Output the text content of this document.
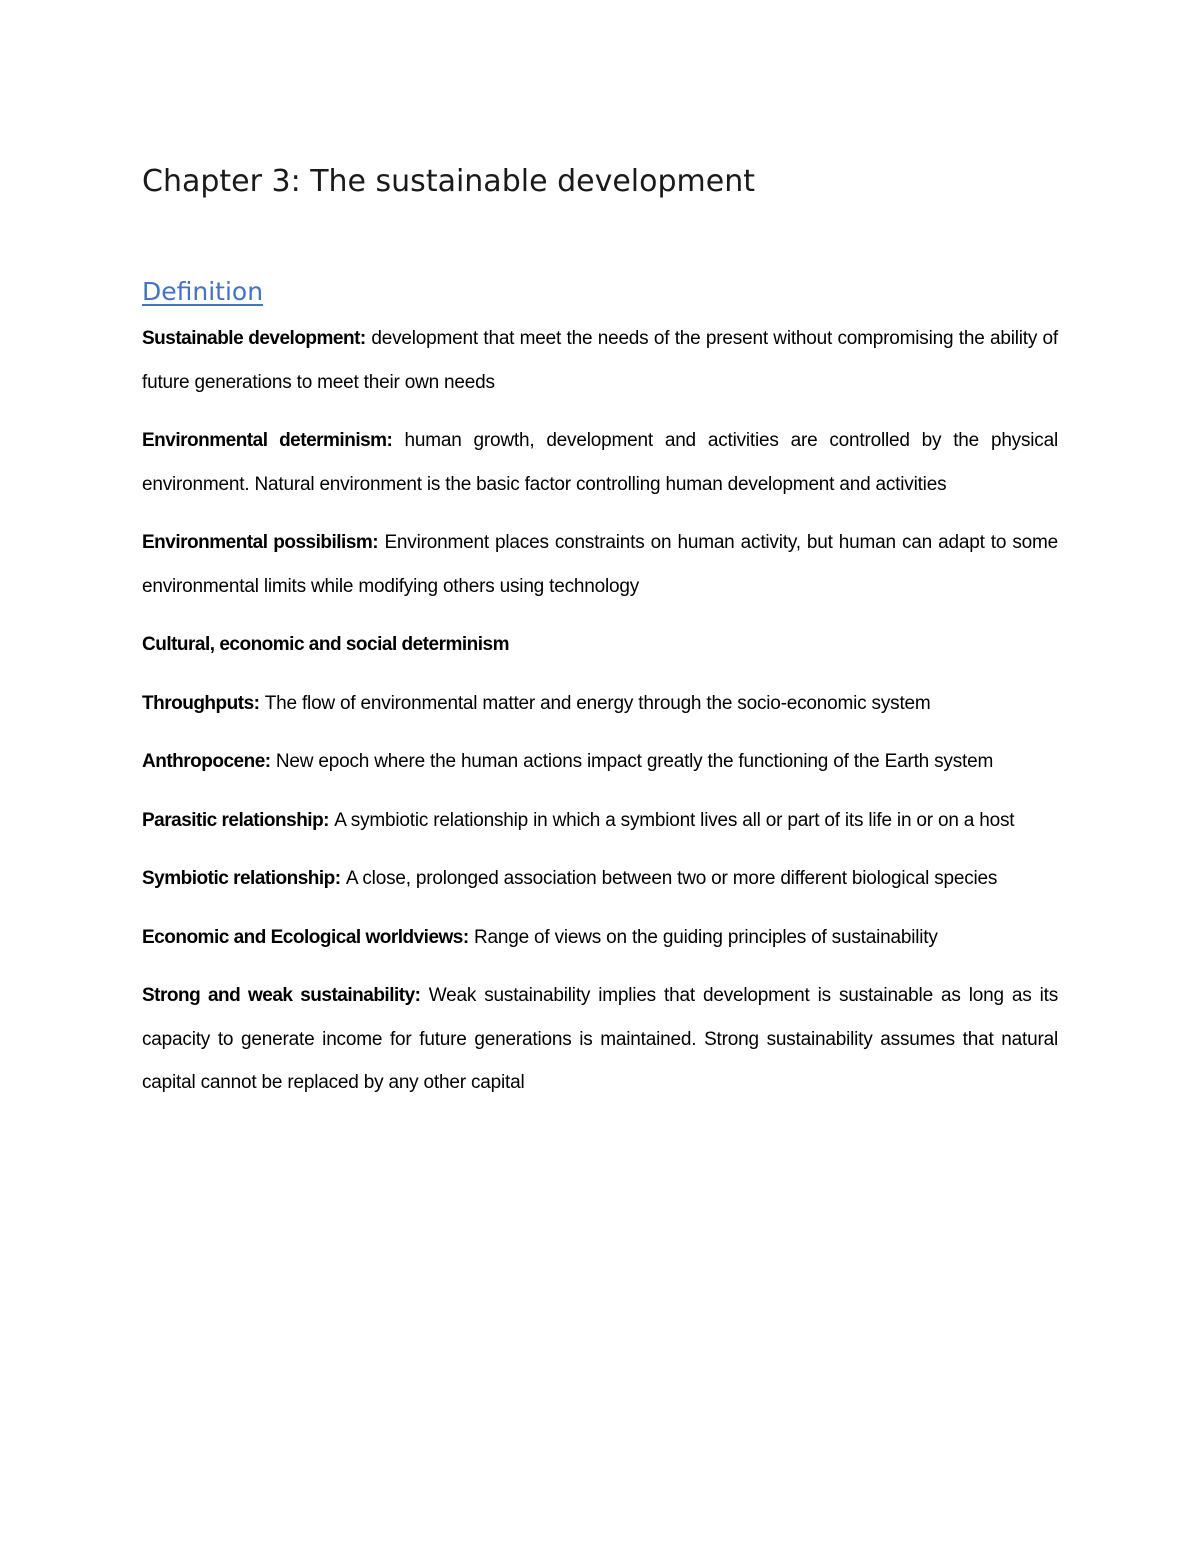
Chapter 3: The sustainable development
Definition

Sustainable development: development that meet the needs of the present without compromising the ability of future generations to meet their own needs

Environmental determinism: human growth, development and activities are controlled by the physical environment. Natural environment is the basic factor controlling human development and activities

Environmental possibilism: Environment places constraints on human activity, but human can adapt to some environmental limits while modifying others using technology

Cultural, economic and social determinism

Throughputs: The flow of environmental matter and energy through the socio-economic system

Anthropocene: New epoch where the human actions impact greatly the functioning of the Earth system

Parasitic relationship: A symbiotic relationship in which a symbiont lives all or part of its life in or on a host

Symbiotic relationship: A close, prolonged association between two or more different biological species

Economic and Ecological worldviews: Range of views on the guiding principles of sustainability

Strong and weak sustainability: Weak sustainability implies that development is sustainable as long as its capacity to generate income for future generations is maintained. Strong sustainability assumes that natural capital cannot be replaced by any other capital
